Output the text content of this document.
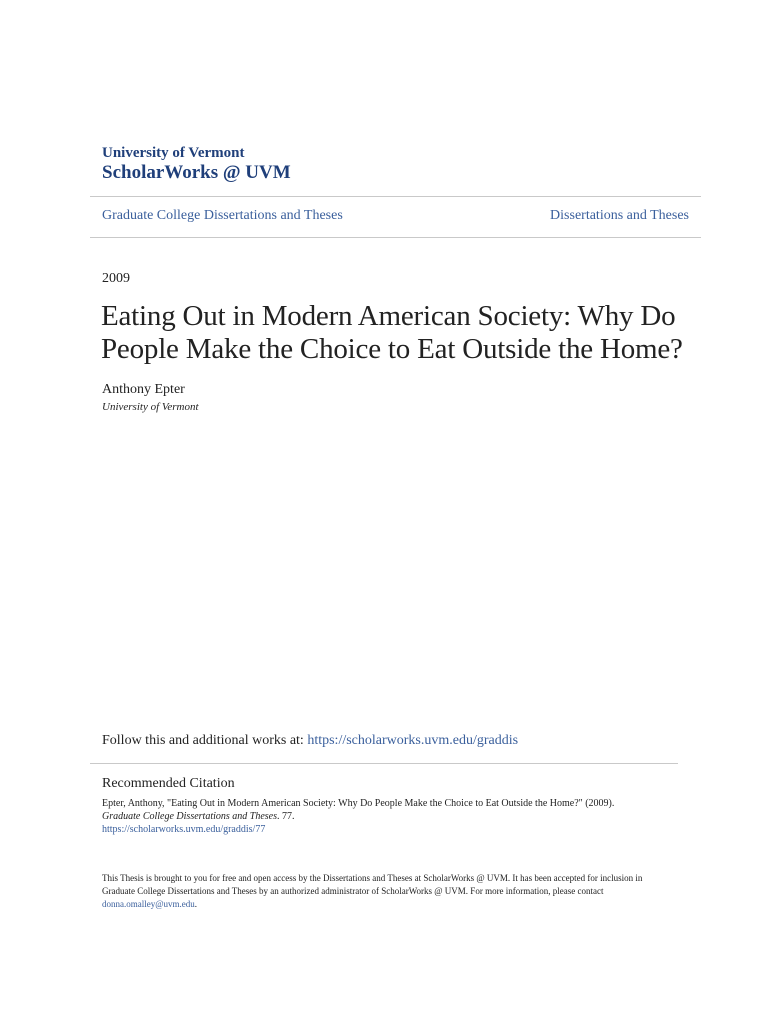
University of Vermont
ScholarWorks @ UVM
Graduate College Dissertations and Theses	Dissertations and Theses
2009
Eating Out in Modern American Society: Why Do
People Make the Choice to Eat Outside the Home?
Anthony Epter
University of Vermont
Follow this and additional works at: https://scholarworks.uvm.edu/graddis
Recommended Citation
Epter, Anthony, "Eating Out in Modern American Society: Why Do People Make the Choice to Eat Outside the Home?" (2009).
Graduate College Dissertations and Theses. 77.
https://scholarworks.uvm.edu/graddis/77
This Thesis is brought to you for free and open access by the Dissertations and Theses at ScholarWorks @ UVM. It has been accepted for inclusion in
Graduate College Dissertations and Theses by an authorized administrator of ScholarWorks @ UVM. For more information, please contact
donna.omalley@uvm.edu.
